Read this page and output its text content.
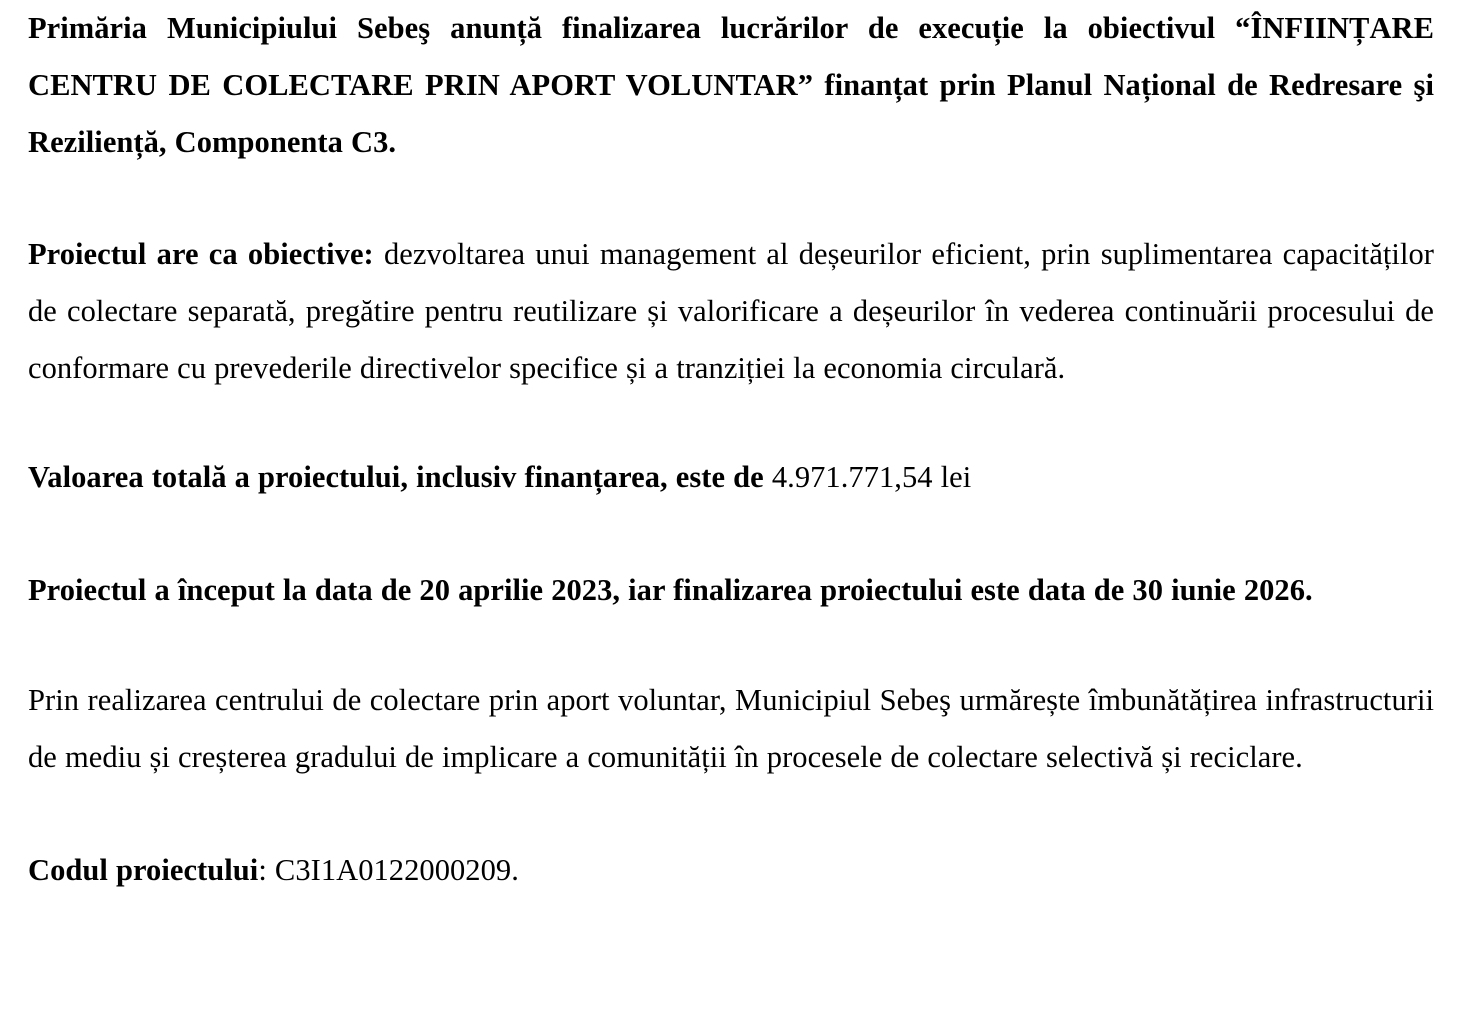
Primăria Municipiului Sebeş anunță finalizarea lucrărilor de execuție la obiectivul “ÎNFIINȚARE CENTRU DE COLECTARE PRIN APORT VOLUNTAR” finanțat prin Planul Național de Redresare şi Reziliență, Componenta C3.

Proiectul are ca obiective: dezvoltarea unui management al deșeurilor eficient, prin suplimentarea capacităților de colectare separată, pregătire pentru reutilizare și valorificare a deșeurilor în vederea continuării procesului de conformare cu prevederile directivelor specifice și a tranziției la economia circulară.

Valoarea totală a proiectului, inclusiv finanțarea, este de 4.971.771,54 lei

Proiectul a început la data de 20 aprilie 2023, iar finalizarea proiectului este data de 30 iunie 2026.

Prin realizarea centrului de colectare prin aport voluntar, Municipiul Sebeş urmărește îmbunătățirea infrastructurii de mediu și creșterea gradului de implicare a comunității în procesele de colectare selectivă și reciclare.

Codul proiectului: C3I1A0122000209.
